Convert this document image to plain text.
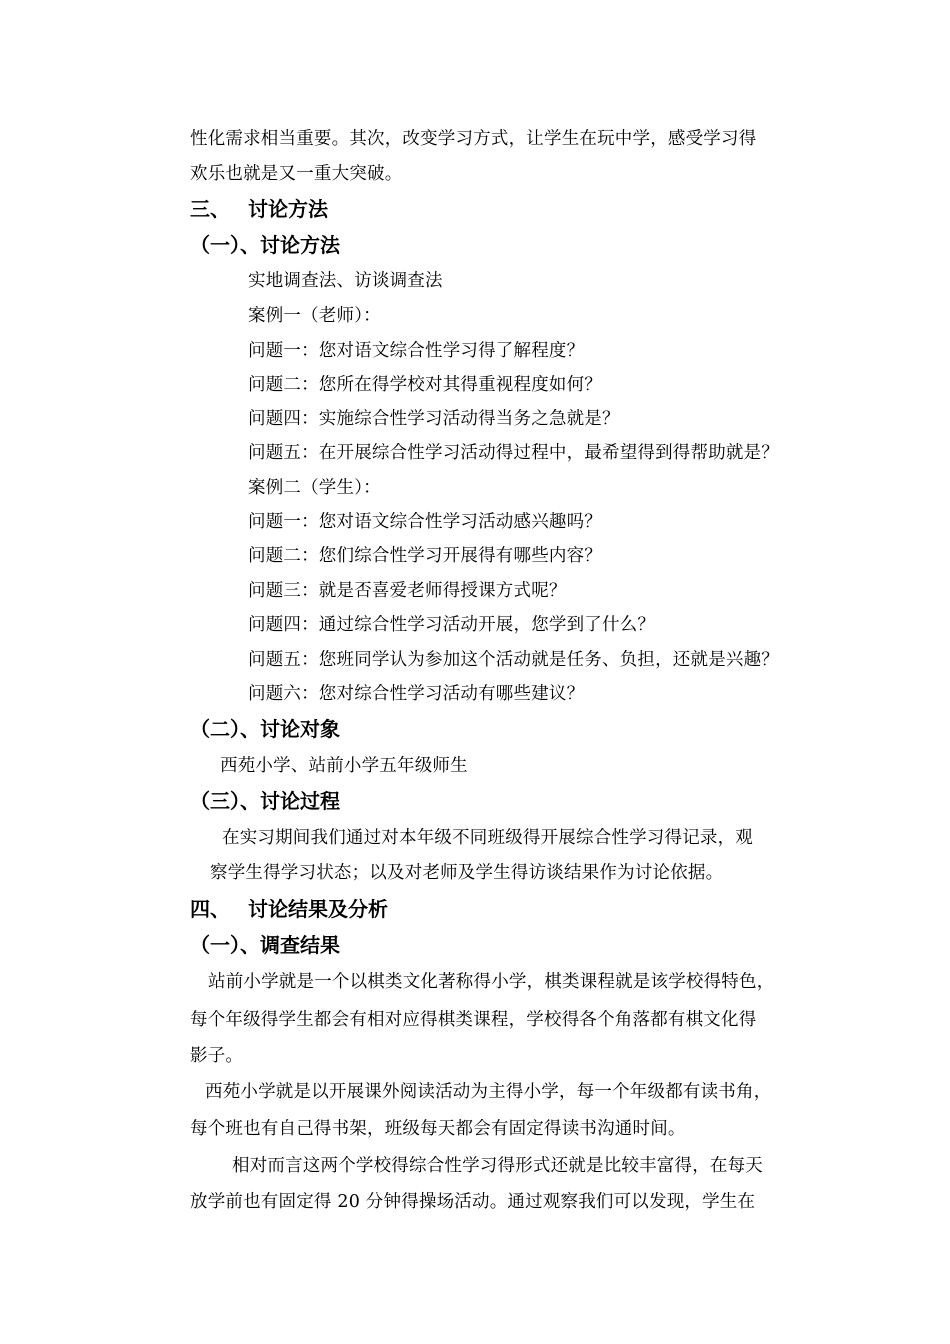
性化需求相当重要。其次，改变学习方式，让学生在玩中学，感受学习得
欢乐也就是又一重大突破。
三、 讨论方法
（一）、讨论方法
实地调查法、访谈调查法
案例一（老师）：
问题一：您对语文综合性学习得了解程度？
问题二：您所在得学校对其得重视程度如何？
问题四：实施综合性学习活动得当务之急就是？
问题五：在开展综合性学习活动得过程中，最希望得到得帮助就是？
案例二（学生）：
问题一：您对语文综合性学习活动感兴趣吗？
问题二：您们综合性学习开展得有哪些内容？
问题三：就是否喜爱老师得授课方式呢？
问题四：通过综合性学习活动开展，您学到了什么？
问题五：您班同学认为参加这个活动就是任务、负担，还就是兴趣？
问题六：您对综合性学习活动有哪些建议？
（二）、讨论对象
西苑小学、站前小学五年级师生
（三）、讨论过程
在实习期间我们通过对本年级不同班级得开展综合性学习得记录，观
察学生得学习状态；以及对老师及学生得访谈结果作为讨论依据。
四、 讨论结果及分析
（一）、调查结果
站前小学就是一个以棋类文化著称得小学，棋类课程就是该学校得特色，
每个年级得学生都会有相对应得棋类课程，学校得各个角落都有棋文化得
影子。
西苑小学就是以开展课外阅读活动为主得小学，每一个年级都有读书角，
每个班也有自己得书架，班级每天都会有固定得读书沟通时间。
相对而言这两个学校得综合性学习得形式还就是比较丰富得，在每天
放学前也有固定得 20 分钟得操场活动。通过观察我们可以发现，学生在
